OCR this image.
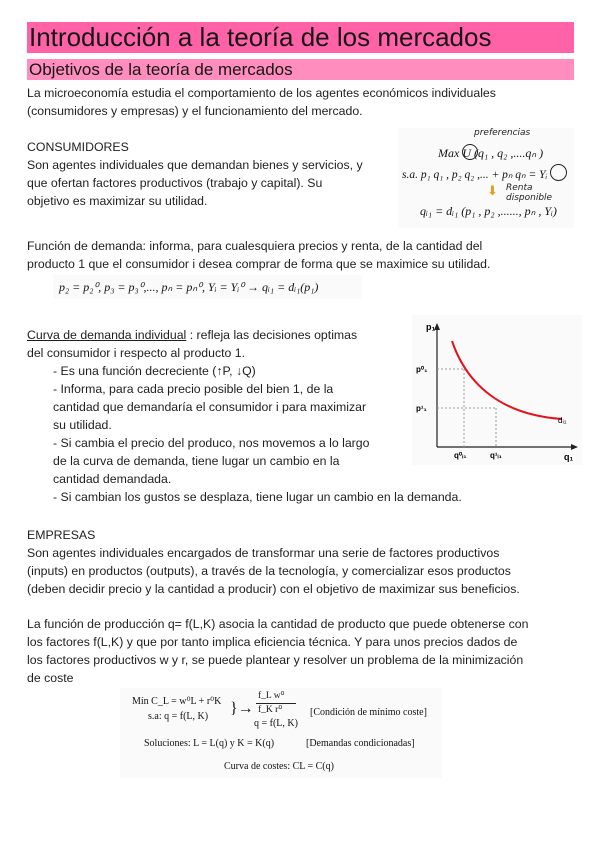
Introducción a la teoría de los mercados
Objetivos de la teoría de mercados
La microeconomía estudia el comportamiento de los agentes económicos individuales
(consumidores y empresas) y el funcionamiento del mercado.
CONSUMIDORES
Son agentes individuales que demandan bienes y servicios, y
que ofertan factores productivos (trabajo y capital). Su
objetivo es maximizar su utilidad.
Max U (q₁ , q₂ ,....qₙ )
preferencias
s.a. p₁ q₁ , p₂ q₂ ,... + pₙ qₙ = Yᵢ
⬇ Renta disponible
qᵢ₁ = dᵢ₁ (p₁ , p₂ ,......, pₙ , Yᵢ)
Función de demanda: informa, para cualesquiera precios y renta, de la cantidad del
producto 1 que el consumidor i desea comprar de forma que se maximice su utilidad.
p₂ = p₂⁰, p₃ = p₃⁰,..., pₙ = pₙ⁰, Yᵢ = Yᵢ⁰ → qᵢ₁ = dᵢ₁(p₁)
Curva de demanda individual : refleja las decisiones optimas
del consumidor i respecto al producto 1.
- Es una función decreciente (↑P, ↓Q)
- Informa, para cada precio posible del bien 1, de la
cantidad que demandaría el consumidor i para maximizar
su utilidad.
- Si cambia el precio del produco, nos movemos a lo largo
de la curva de demanda, tiene lugar un cambio en la
cantidad demandada.
- Si cambian los gustos se desplaza, tiene lugar un cambio en la demanda.
p₁
q₁
p⁰₁
p¹₁
q⁰ᵢ₁	q¹ᵢ₁
dᵢ₁
EMPRESAS
Son agentes individuales encargados de transformar una serie de factores productivos
(inputs) en productos (outputs), a través de la tecnología, y comercializar esos productos
(deben decidir precio y la cantidad a producir) con el objetivo de maximizar sus beneficios.
La función de producción q= f(L,K) asocia la cantidad de producto que puede obtenerse con
los factores f(L,K) y que por tanto implica eficiencia técnica. Y para unos precios dados de
los factores productivos w y r, se puede plantear y resolver un problema de la minimización
de coste
Mín C_L = w⁰L + r⁰K
s.a: q = f(L, K) }→
f_L w⁰
f_K r⁰
q = f(L, K)
[Condición de mínimo coste]
Soluciones: L = L(q) y K = K(q)	[Demandas condicionadas]
Curva de costes: CL = C(q)
